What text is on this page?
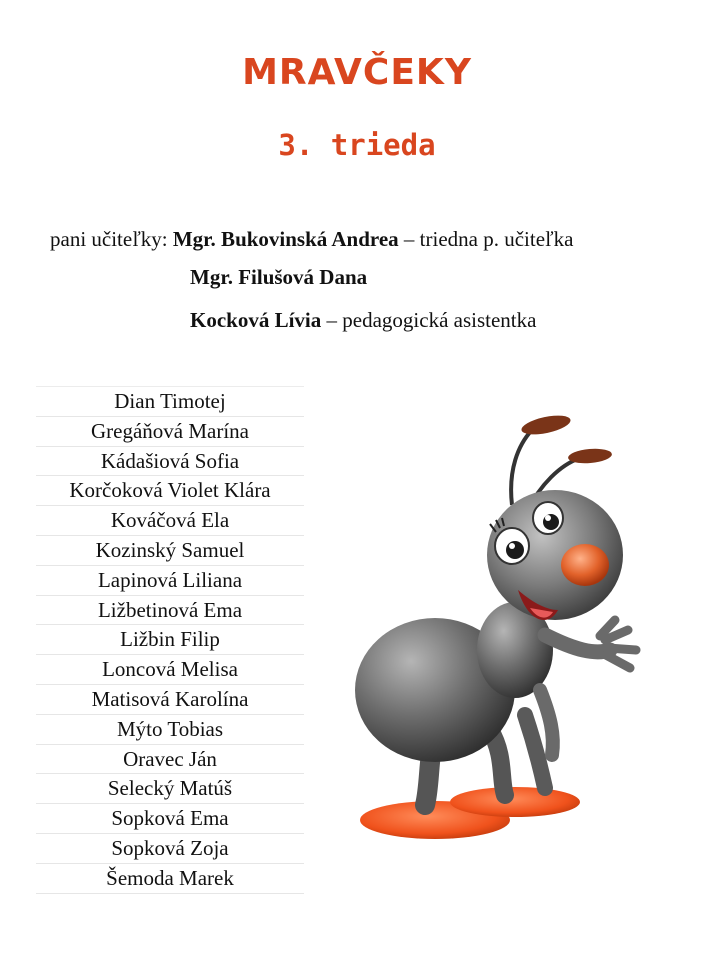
MRAVČEKY
3. trieda
pani učiteľky: Mgr. Bukovinská Andrea – triedna p. učiteľka
Mgr. Filušová Dana
Kocková Lívia – pedagogická asistentka
Dian Timotej
Gregáňová Marína
Kádašiová Sofia
Korčoková Violet Klára
Kováčová Ela
Kozinský Samuel
Lapinová Liliana
Ližbetinová Ema
Ližbin Filip
Loncová Melisa
Matisová Karolína
Mýto Tobias
Oravec Ján
Selecký Matúš
Sopková Ema
Sopková Zoja
Šemoda Marek
